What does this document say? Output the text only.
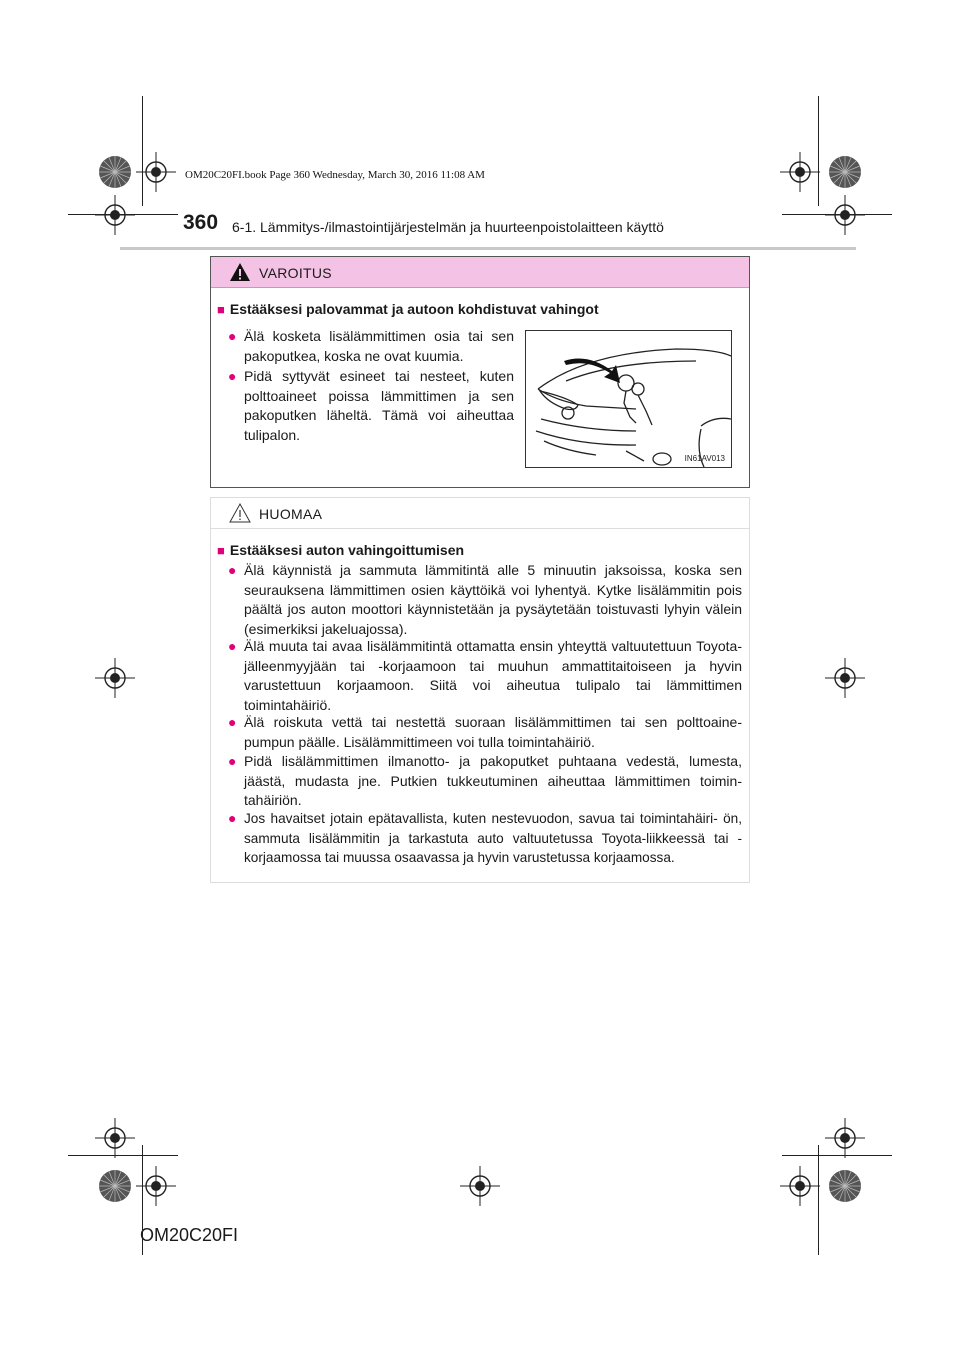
OM20C20FI.book Page 360 Wednesday, March 30, 2016 11:08 AM
360 6-1. Lämmitys-/ilmastointijärjestelmän ja huurteenpoistolaitteen käyttö
VAROITUS
■ Estääksesi palovammat ja autoon kohdistuvat vahingot
● Älä kosketa lisälämmittimen osia tai sen pakoputkea, koska ne ovat kuumia.
● Pidä syttyvät esineet tai nesteet, kuten polttoaineet poissa lämmittimen ja sen pakoputken läheltä. Tämä voi aiheuttaa tulipalon.
IN61AV013
HUOMAA
■ Estääksesi auton vahingoittumisen
● Älä käynnistä ja sammuta lämmitintä alle 5 minuutin jaksoissa, koska sen seurauksena lämmittimen osien käyttöikä voi lyhentyä. Kytke lisälämmitin pois päältä jos auton moottori käynnistetään ja pysäytetään toistuvasti lyhyin välein (esimerkiksi jakeluajossa).
● Älä muuta tai avaa lisälämmitintä ottamatta ensin yhteyttä valtuutettuun Toyota-jälleenmyyjään tai -korjaamoon tai muuhun ammattitaitoiseen ja hyvin varustettuun korjaamoon. Siitä voi aiheutua tulipalo tai lämmittimen toimintahäiriö.
● Älä roiskuta vettä tai nestettä suoraan lisälämmittimen tai sen polttoaine- pumpun päälle. Lisälämmittimeen voi tulla toimintahäiriö.
● Pidä lisälämmittimen ilmanotto- ja pakoputket puhtaana vedestä, lumesta, jäästä, mudasta jne. Putkien tukkeutuminen aiheuttaa lämmittimen toimin- tahäiriön.
● Jos havaitset jotain epätavallista, kuten nestevuodon, savua tai toimintahäiri- ön, sammuta lisälämmitin ja tarkastuta auto valtuutetussa Toyota-liikkeessä tai -korjaamossa tai muussa osaavassa ja hyvin varustetussa korjaamossa.
OM20C20FI
